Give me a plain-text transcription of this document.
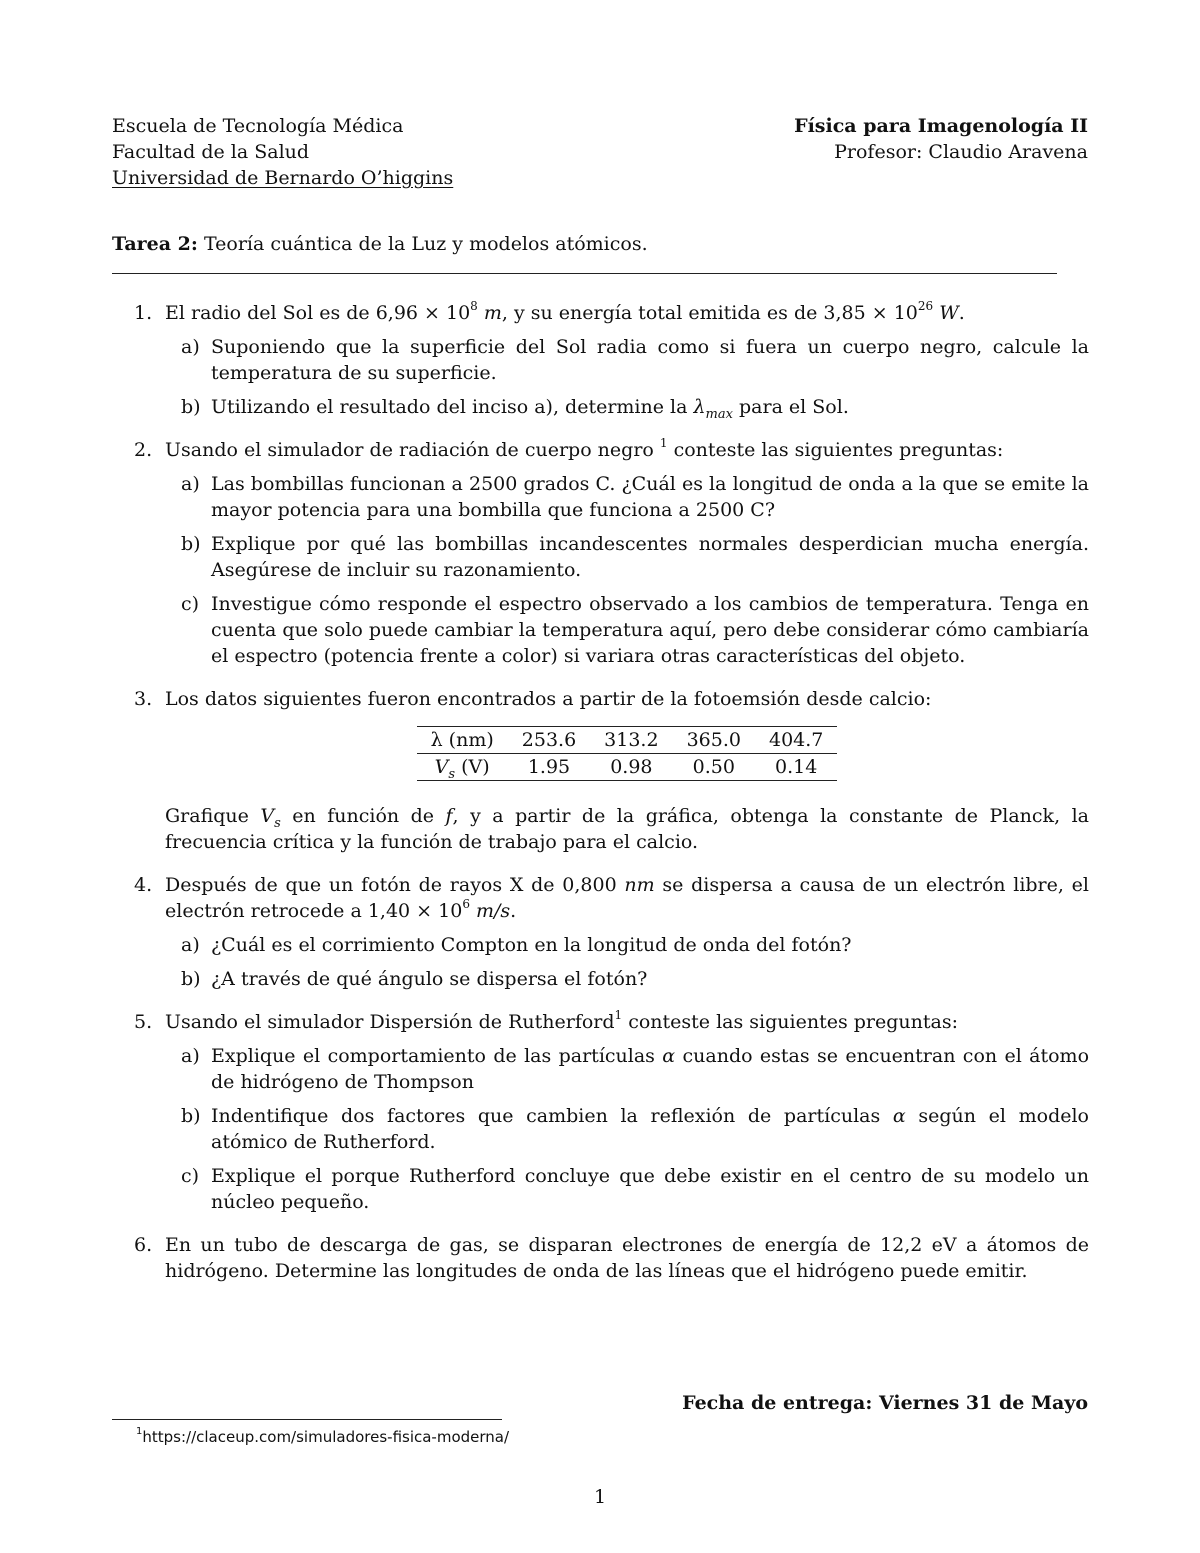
Escuela de Tecnología Médica
Facultad de la Salud
Universidad de Bernardo O’higgins
Física para Imagenología II
Profesor: Claudio Aravena
Tarea 2: Teoría cuántica de la Luz y modelos atómicos.
1. El radio del Sol es de $6,96 \times 10^8$ m, y su energía total emitida es de $3,85 \times 10^{26}$ W.
a) Suponiendo que la superficie del Sol radia como si fuera un cuerpo negro, calcule la temperatura de su superficie.
b) Utilizando el resultado del inciso a), determine la $\lambda_{max}$ para el Sol.
2. Usando el simulador de radiación de cuerpo negro $^1$ conteste las siguientes preguntas:
a) Las bombillas funcionan a 2500 grados C. ¿Cuál es la longitud de onda a la que se emite la mayor potencia para una bombilla que funciona a 2500 C?
b) Explique por qué las bombillas incandescentes normales desperdician mucha energía. Asegúrese de incluir su razonamiento.
c) Investigue cómo responde el espectro observado a los cambios de temperatura. Tenga en cuenta que solo puede cambiar la temperatura aquí, pero debe considerar cómo cambiaría el espectro (potencia frente a color) si variara otras características del objeto.
3. Los datos siguientes fueron encontrados a partir de la fotoemsión desde calcio:
λ (nm)	253.6	313.2	365.0	404.7
$V_s$ (V)	1.95	0.98	0.50	0.14
Grafique $V_s$ en función de f, y a partir de la gráfica, obtenga la constante de Planck, la frecuencia crítica y la función de trabajo para el calcio.
4. Después de que un fotón de rayos X de 0,800 nm se dispersa a causa de un electrón libre, el electrón retrocede a $1,40 \times 10^6$ m/s.
a) ¿Cuál es el corrimiento Compton en la longitud de onda del fotón?
b) ¿A través de qué ángulo se dispersa el fotón?
5. Usando el simulador Dispersión de Rutherford$^1$ conteste las siguientes preguntas:
a) Explique el comportamiento de las partículas α cuando estas se encuentran con el átomo de hidrógeno de Thompson
b) Indentifique dos factores que cambien la reflexión de partículas α según el modelo atómico de Rutherford.
c) Explique el porque Rutherford concluye que debe existir en el centro de su modelo un núcleo pequeño.
6. En un tubo de descarga de gas, se disparan electrones de energía de 12,2 eV a átomos de hidrógeno. Determine las longitudes de onda de las líneas que el hidrógeno puede emitir.
Fecha de entrega: Viernes 31 de Mayo
$^1$https://claceup.com/simuladores-fisica-moderna/
1
